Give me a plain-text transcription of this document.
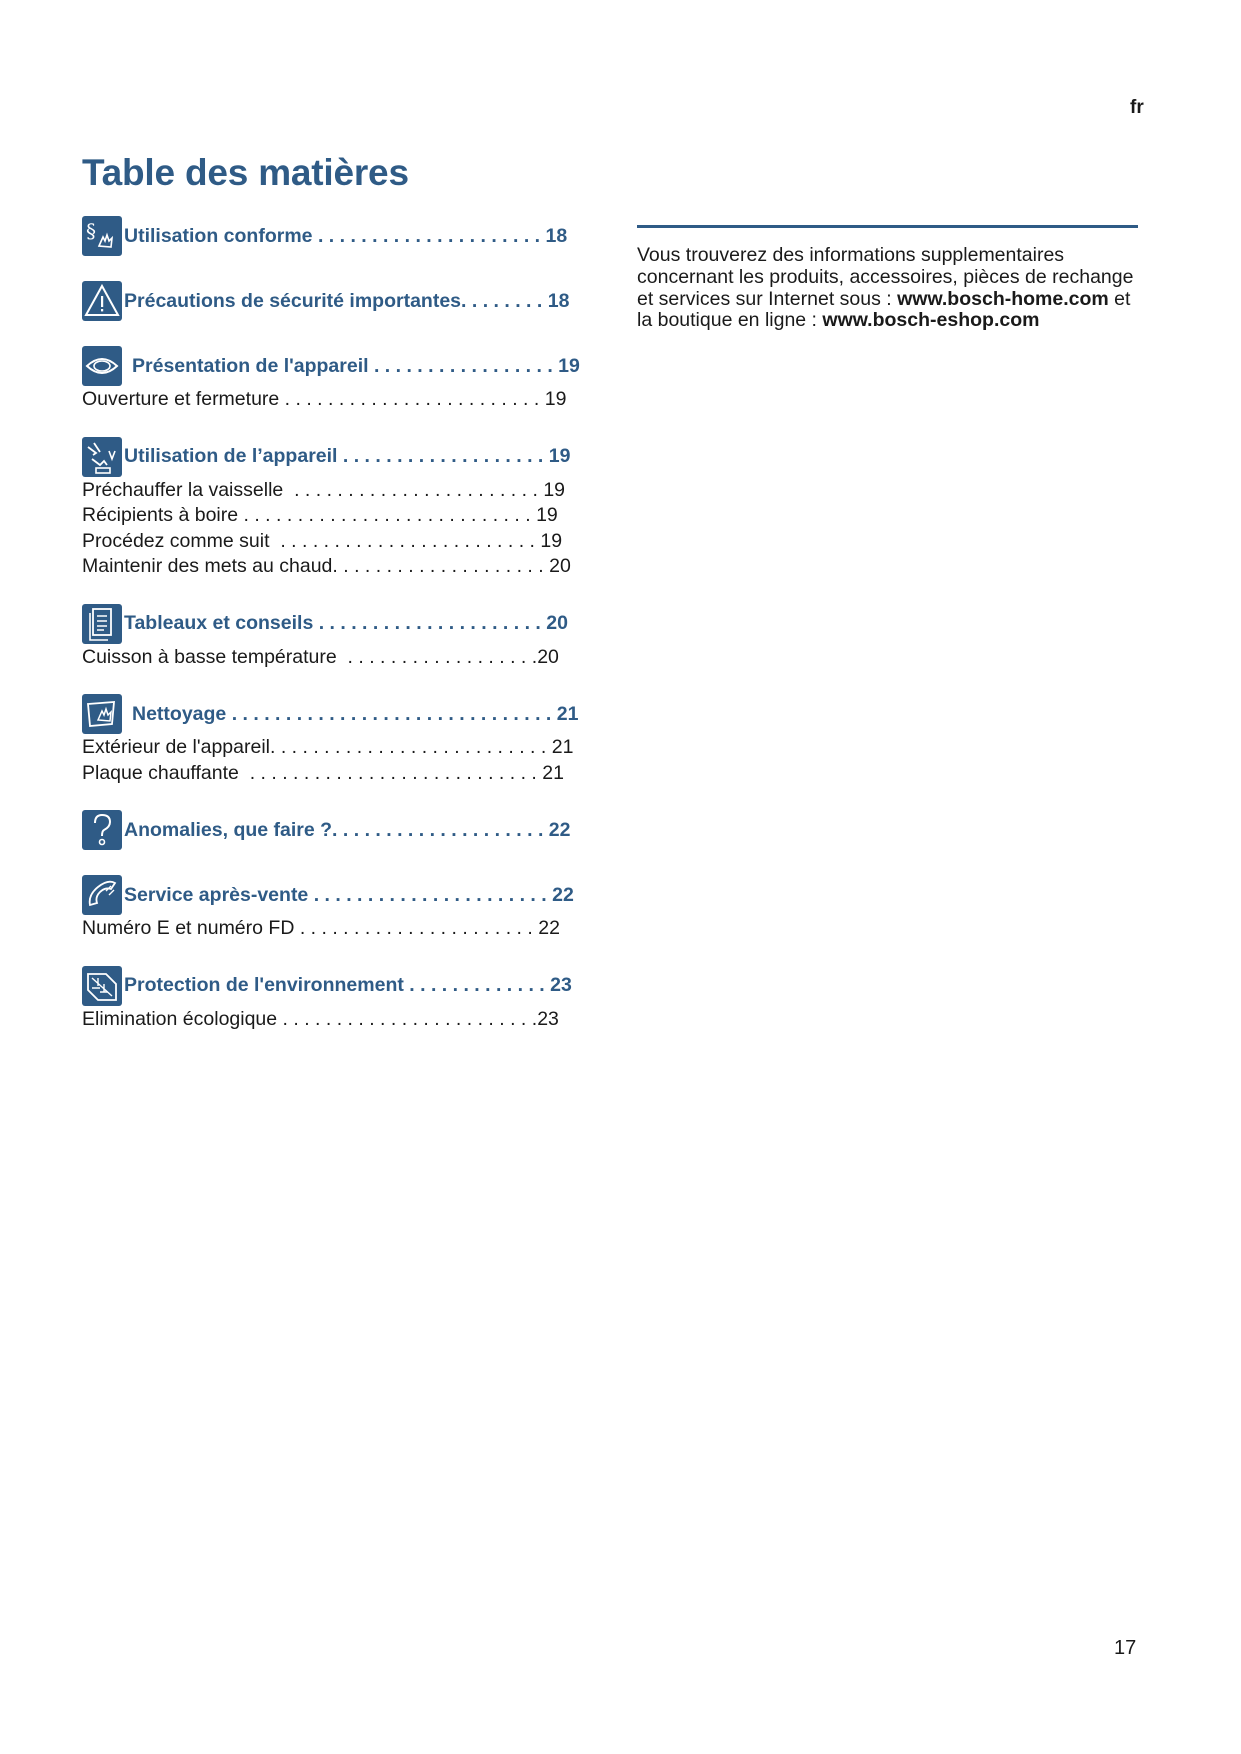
fr
Table des matières
§ Utilisation conforme . . . . . . . . . . . . . . . . . . . . . 18
Précautions de sécurité importantes. . . . . . . . 18
Présentation de l'appareil . . . . . . . . . . . . . . . . . 19
Ouverture et fermeture . . . . . . . . . . . . . . . . . . . . . . . . 19
Utilisation de l’appareil . . . . . . . . . . . . . . . . . . . 19
Préchauffer la vaisselle  . . . . . . . . . . . . . . . . . . . . . . . 19
Récipients à boire . . . . . . . . . . . . . . . . . . . . . . . . . . . 19
Procédez comme suit  . . . . . . . . . . . . . . . . . . . . . . . . 19
Maintenir des mets au chaud. . . . . . . . . . . . . . . . . . . . 20
Tableaux et conseils . . . . . . . . . . . . . . . . . . . . . 20
Cuisson à basse température  . . . . . . . . . . . . . . . . . .20
Nettoyage . . . . . . . . . . . . . . . . . . . . . . . . . . . . . . 21
Extérieur de l'appareil. . . . . . . . . . . . . . . . . . . . . . . . . . 21
Plaque chauffante  . . . . . . . . . . . . . . . . . . . . . . . . . . . 21
Anomalies, que faire ?. . . . . . . . . . . . . . . . . . . . 22
Service après-vente . . . . . . . . . . . . . . . . . . . . . . 22
Numéro E et numéro FD . . . . . . . . . . . . . . . . . . . . . . 22
Protection de l'environnement . . . . . . . . . . . . . 23
Elimination écologique . . . . . . . . . . . . . . . . . . . . . . . .23
Vous trouverez des informations supplementaires concernant les produits, accessoires, pièces de rechange et services sur Internet sous : www.bosch-home.com et la boutique en ligne : www.bosch-eshop.com
17
